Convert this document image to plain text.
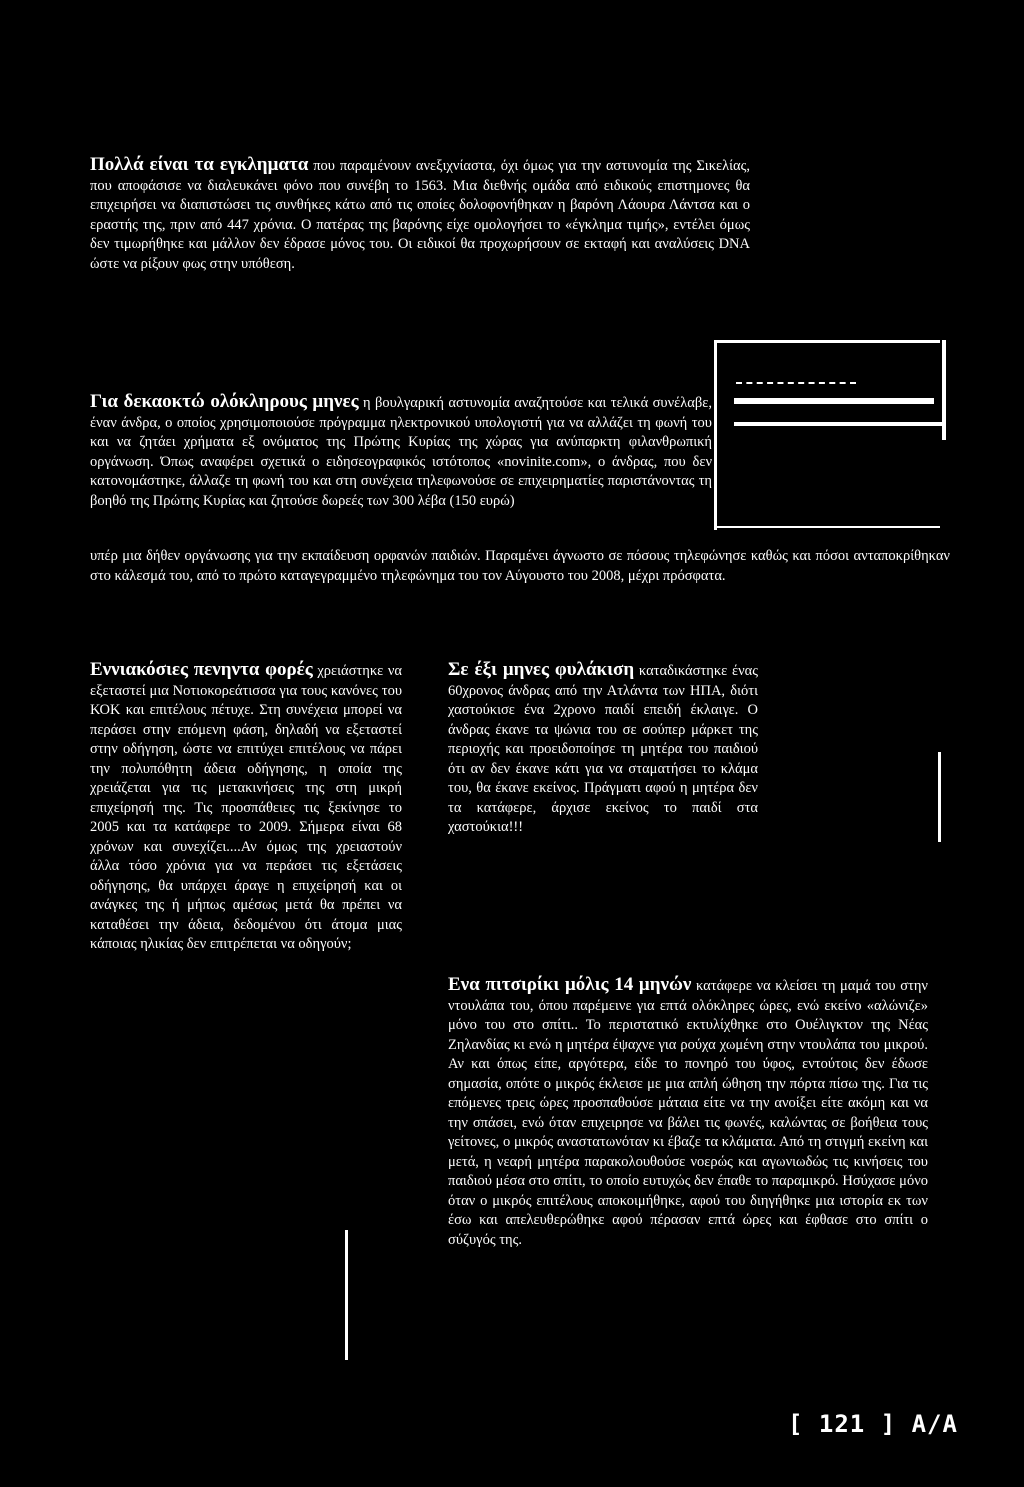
Πολλά είναι τα εγκληματα που παραμένουν ανεξιχνίαστα, όχι όμως για την αστυνομία της Σικελίας, που αποφάσισε να διαλευκάνει φόνο που συνέβη το 1563. Μια διεθνής ομάδα από ειδικούς επιστημονες θα επιχειρήσει να διαπιστώσει τις συνθήκες κάτω από τις οποίες δολοφονήθηκαν η βαρόνη Λάουρα Λάντσα και ο εραστής της, πριν από 447 χρόνια. Ο πατέρας της βαρόνης είχε ομολογήσει το «έγκλημα τιμής», εντέλει όμως δεν τιμωρήθηκε και μάλλον δεν έδρασε μόνος του. Οι ειδικοί θα προχωρήσουν σε εκταφή και αναλύσεις DNA ώστε να ρίξουν φως στην υπόθεση.
Για δεκαοκτώ ολόκληρους μηνες η βουλγαρική αστυνομία αναζητούσε και τελικά συνέλαβε, έναν άνδρα, ο οποίος χρησιμοποιούσε πρόγραμμα ηλεκτρονικού υπολογιστή για να αλλάζει τη φωνή του και να ζητάει χρήματα εξ ονόματος της Πρώτης Κυρίας της χώρας για ανύπαρκτη φιλανθρωπική οργάνωση. Όπως αναφέρει σχετικά ο ειδησεογραφικός ιστότοπος «novinite.com», ο άνδρας, που δεν κατονομάστηκε, άλλαζε τη φωνή του και στη συνέχεια τηλεφωνούσε σε επιχειρηματίες παριστάνοντας τη βοηθό της Πρώτης Κυρίας και ζητούσε δωρεές των 300 λέβα (150 ευρώ)
υπέρ μια δήθεν οργάνωσης για την εκπαίδευση ορφανών παιδιών. Παραμένει άγνωστο σε πόσους τηλεφώνησε καθώς και πόσοι ανταποκρίθηκαν στο κάλεσμά του, από το πρώτο καταγεγραμμένο τηλεφώνημα του τον Αύγουστο του 2008, μέχρι πρόσφατα.
Εννιακόσιες πενηντα φορές χρειάστηκε να εξεταστεί μια Νοτιοκορεάτισσα για τους κανόνες του ΚΟΚ και επιτέλους πέτυχε. Στη συνέχεια μπορεί να περάσει στην επόμενη φάση, δηλαδή να εξεταστεί στην οδήγηση, ώστε να επιτύχει επιτέλους να πάρει την πολυπόθητη άδεια οδήγησης, η οποία της χρειάζεται για τις μετακινήσεις της στη μικρή επιχείρησή της. Τις προσπάθειες τις ξεκίνησε το 2005 και τα κατάφερε το 2009. Σήμερα είναι 68 χρόνων και συνεχίζει....Αν όμως της χρειαστούν άλλα τόσο χρόνια για να περάσει τις εξετάσεις οδήγησης, θα υπάρχει άραγε η επιχείρησή και οι ανάγκες της ή μήπως αμέσως μετά θα πρέπει να καταθέσει την άδεια, δεδομένου ότι άτομα μιας κάποιας ηλικίας δεν επιτρέπεται να οδηγούν;
Σε έξι μηνες φυλάκιση καταδικάστηκε ένας 60χρονος άνδρας από την Ατλάντα των ΗΠΑ, διότι χαστούκισε ένα 2χρονο παιδί επειδή έκλαιγε. Ο άνδρας έκανε τα ψώνια του σε σούπερ μάρκετ της περιοχής και προειδοποίησε τη μητέρα του παιδιού ότι αν δεν έκανε κάτι για να σταματήσει το κλάμα του, θα έκανε εκείνος. Πράγματι αφού η μητέρα δεν τα κατάφερε, άρχισε εκείνος το παιδί στα χαστούκια!!!
Ενα πιτσιρίκι μόλις 14 μηνών κατάφερε να κλείσει τη μαμά του στην ντουλάπα του, όπου παρέμεινε για επτά ολόκληρες ώρες, ενώ εκείνο «αλώνιζε» μόνο του στο σπίτι.. Το περιστατικό εκτυλίχθηκε στο Ουέλιγκτον της Νέας Ζηλανδίας κι ενώ η μητέρα έψαχνε για ρούχα χωμένη στην ντουλάπα του μικρού. Αν και όπως είπε, αργότερα, είδε το πονηρό του ύφος, εντούτοις δεν έδωσε σημασία, οπότε ο μικρός έκλεισε με μια απλή ώθηση την πόρτα πίσω της. Για τις επόμενες τρεις ώρες προσπαθούσε μάταια είτε να την ανοίξει είτε ακόμη και να την σπάσει, ενώ όταν επιχειρησε να βάλει τις φωνές, καλώντας σε βοήθεια τους γείτονες, ο μικρός αναστατωνόταν κι έβαζε τα κλάματα. Από τη στιγμή εκείνη και μετά, η νεαρή μητέρα παρακολουθούσε νοερώς και αγωνιωδώς τις κινήσεις του παιδιού μέσα στο σπίτι, το οποίο ευτυχώς δεν έπαθε το παραμικρό. Ησύχασε μόνο όταν ο μικρός επιτέλους αποκοιμήθηκε, αφού του διηγήθηκε μια ιστορία εκ των έσω και απελευθερώθηκε αφού πέρασαν επτά ώρες και έφθασε στο σπίτι ο σύζυγός της.
[ 121 ] A/A
